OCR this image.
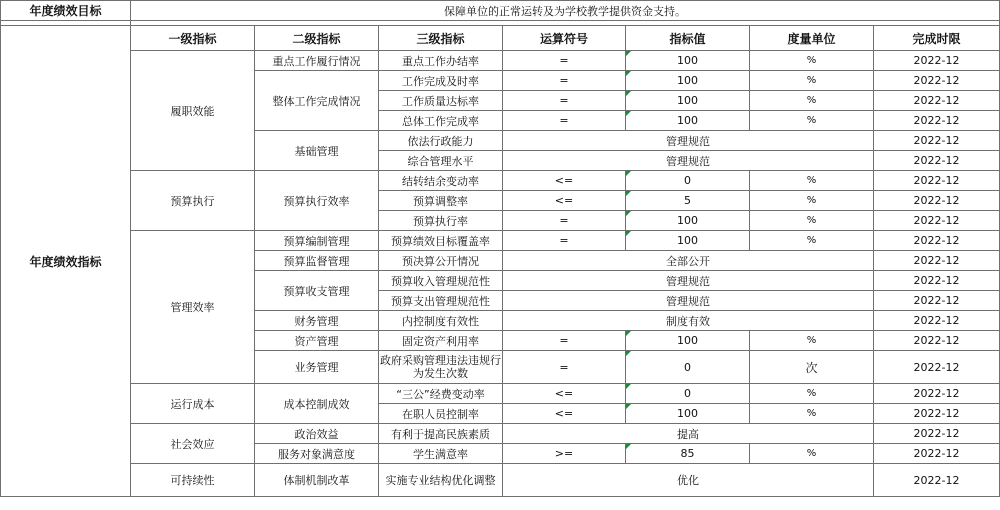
年度绩效目标	保障单位的正常运转及为学校教学提供资金支持。						

年度绩效指标	一级指标	二级指标	三级指标	运算符号	指标值	度量单位	完成时限
	履职效能	重点工作履行情况	重点工作办结率	=	100	%	2022-12
		整体工作完成情况	工作完成及时率	=	100	%	2022-12
			工作质量达标率	=	100	%	2022-12
			总体工作完成率	=	100	%	2022-12
		基础管理	依法行政能力	管理规范			2022-12
			综合管理水平	管理规范			2022-12
	预算执行	预算执行效率	结转结余变动率	<=	0	%	2022-12
			预算调整率	<=	5	%	2022-12
			预算执行率	=	100	%	2022-12
	管理效率	预算编制管理	预算绩效目标覆盖率	=	100	%	2022-12
		预算监督管理	预决算公开情况	全部公开			2022-12
		预算收支管理	预算收入管理规范性	管理规范			2022-12
			预算支出管理规范性	管理规范			2022-12
		财务管理	内控制度有效性	制度有效			2022-12
		资产管理	固定资产利用率	=	100	%	2022-12
		业务管理	政府采购管理违法违规行为发生次数	=	0	次	2022-12
	运行成本	成本控制成效	“三公”经费变动率	<=	0	%	2022-12
			在职人员控制率	<=	100	%	2022-12
	社会效应	政治效益	有利于提高民族素质	提高			2022-12
		服务对象满意度	学生满意率	>=	85	%	2022-12
	可持续性	体制机制改革	实施专业结构优化调整	优化			2022-12
